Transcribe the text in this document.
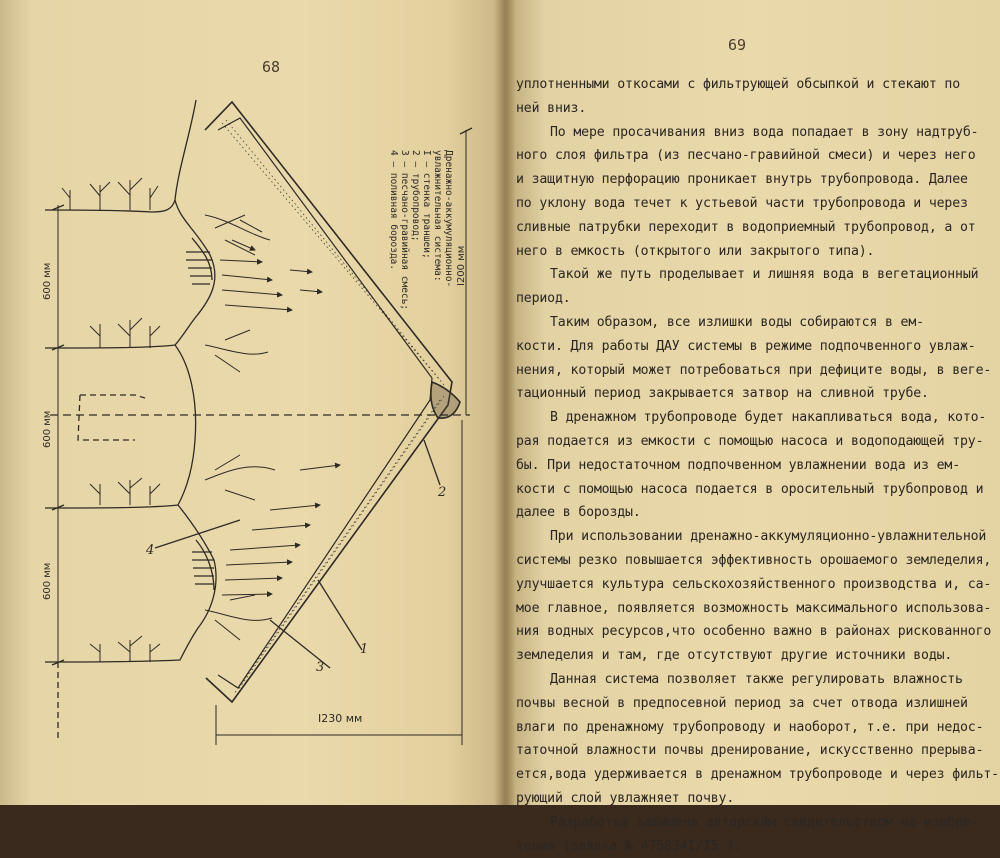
68
69
Дренажно-аккумуляционно-
увлажнительная система:
I – стенка траншеи;
2 – трубопровод;
3 – песчано-гравийная смесь;
4 – поливная борозда.
600 мм
600 мм
600 мм
I200 мм
I230 мм
1
2
3
4

уплотненными откосами с фильтрующей обсыпкой и стекают по

ней вниз.

По мере просачивания вниз вода попадает в зону надтруб-

ного слоя фильтра (из песчано-гравийной смеси) и через него

и защитную перфорацию проникает внутрь трубопровода. Далее

по уклону вода течет к устьевой части трубопровода и через

сливные патрубки переходит в водоприемный трубопровод, а от

него в емкость (открытого или закрытого типа).

Такой же путь проделывает и лишняя вода в вегетационный

период.

Таким образом, все излишки воды собираются в ем-

кости. Для работы ДАУ системы в режиме подпочвенного увлаж-

нения, который может потребоваться при дефиците воды, в веге-

тационный период закрывается затвор на сливной трубе.

В дренажном трубопроводе будет накапливаться вода, кото-

рая подается из емкости с помощью насоса и водоподающей тру-

бы. При недостаточном подпочвенном увлажнении вода из ем-

кости с помощью насоса подается в оросительный трубопровод и

далее в борозды.

При использовании дренажно-аккумуляционно-увлажнительной

системы резко повышается эффективность орошаемого земледелия,

улучшается культура сельскохозяйственного производства и, са-

мое главное, появляется возможность максимального использова-

ния водных ресурсов,что особенно важно в районах рискованного

земледелия и там, где отсутствуют другие источники воды.

Данная система позволяет также регулировать влажность

почвы весной в предпосевной период за счет отвода излишней

влаги по дренажному трубопроводу и наоборот, т.е. при недос-

таточной влажности почвы дренирование, искусственно прерыва-

ется,вода удерживается в дренажном трубопроводе и через фильт-

рующий слой увлажняет почву.

Разработка защищена авторским свидетельством на изобре-

тения (заявка № 475834I/I5 ).
